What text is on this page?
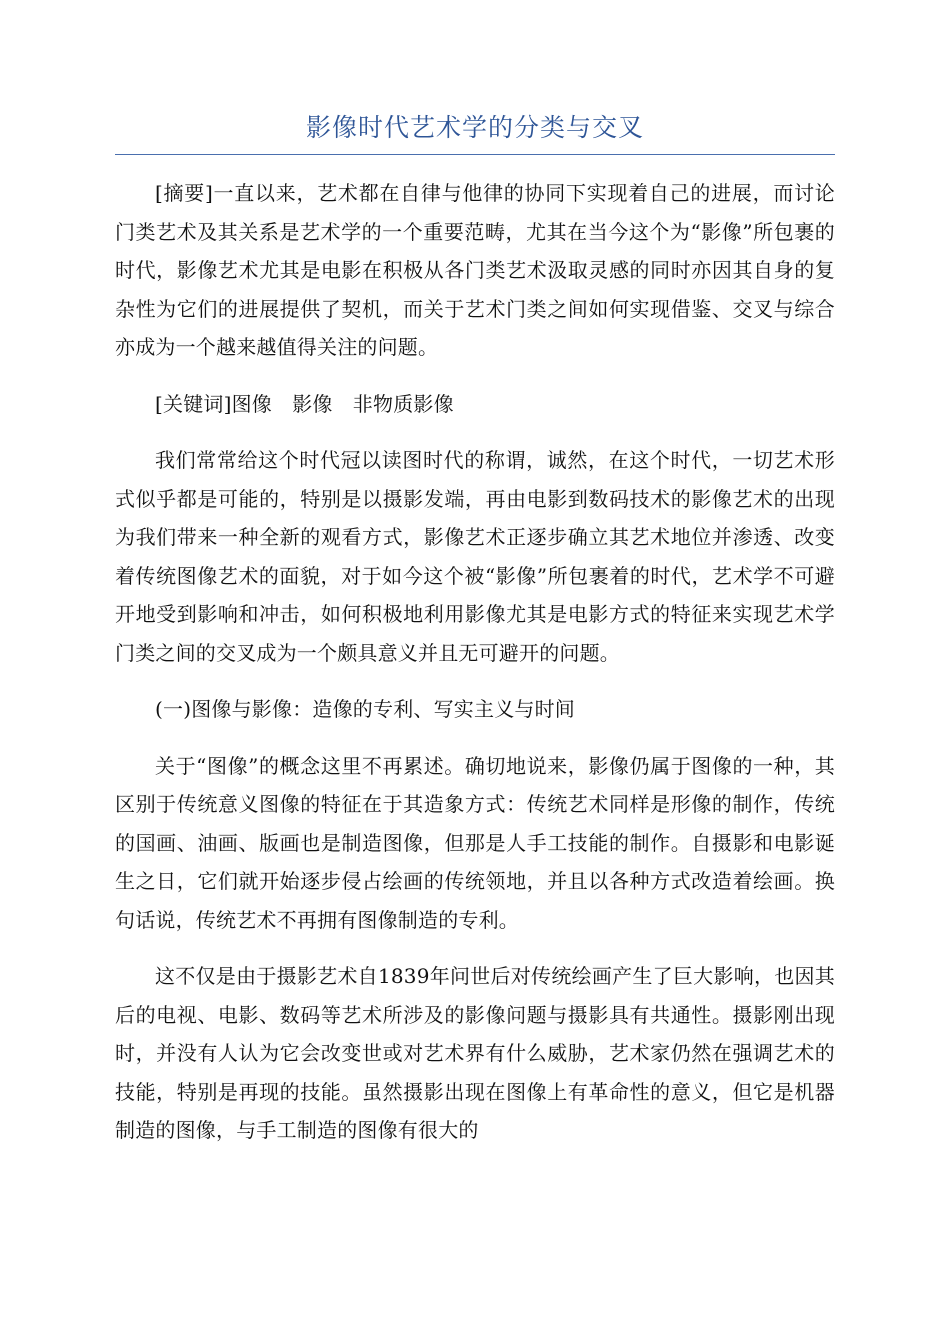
影像时代艺术学的分类与交叉

[摘要]一直以来，艺术都在自律与他律的协同下实现着自己的进展，而讨论门类艺术及其关系是艺术学的一个重要范畴，尤其在当今这个为“影像”所包裹的时代，影像艺术尤其是电影在积极从各门类艺术汲取灵感的同时亦因其自身的复杂性为它们的进展提供了契机，而关于艺术门类之间如何实现借鉴、交叉与综合亦成为一个越来越值得关注的问题。

[关键词]图像　影像　非物质影像

我们常常给这个时代冠以读图时代的称谓，诚然，在这个时代，一切艺术形式似乎都是可能的，特别是以摄影发端，再由电影到数码技术的影像艺术的出现为我们带来一种全新的观看方式，影像艺术正逐步确立其艺术地位并渗透、改变着传统图像艺术的面貌，对于如今这个被“影像”所包裹着的时代，艺术学不可避开地受到影响和冲击，如何积极地利用影像尤其是电影方式的特征来实现艺术学门类之间的交叉成为一个颇具意义并且无可避开的问题。

(一)图像与影像：造像的专利、写实主义与时间

关于“图像”的概念这里不再累述。确切地说来，影像仍属于图像的一种，其区别于传统意义图像的特征在于其造象方式：传统艺术同样是形像的制作，传统的国画、油画、版画也是制造图像，但那是人手工技能的制作。自摄影和电影诞生之日，它们就开始逐步侵占绘画的传统领地，并且以各种方式改造着绘画。换句话说，传统艺术不再拥有图像制造的专利。

这不仅是由于摄影艺术自1839年问世后对传统绘画产生了巨大影响，也因其后的电视、电影、数码等艺术所涉及的影像问题与摄影具有共通性。摄影刚出现时，并没有人认为它会改变世或对艺术界有什么威胁，艺术家仍然在强调艺术的技能，特别是再现的技能。虽然摄影出现在图像上有革命性的意义，但它是机器制造的图像，与手工制造的图像有很大的
